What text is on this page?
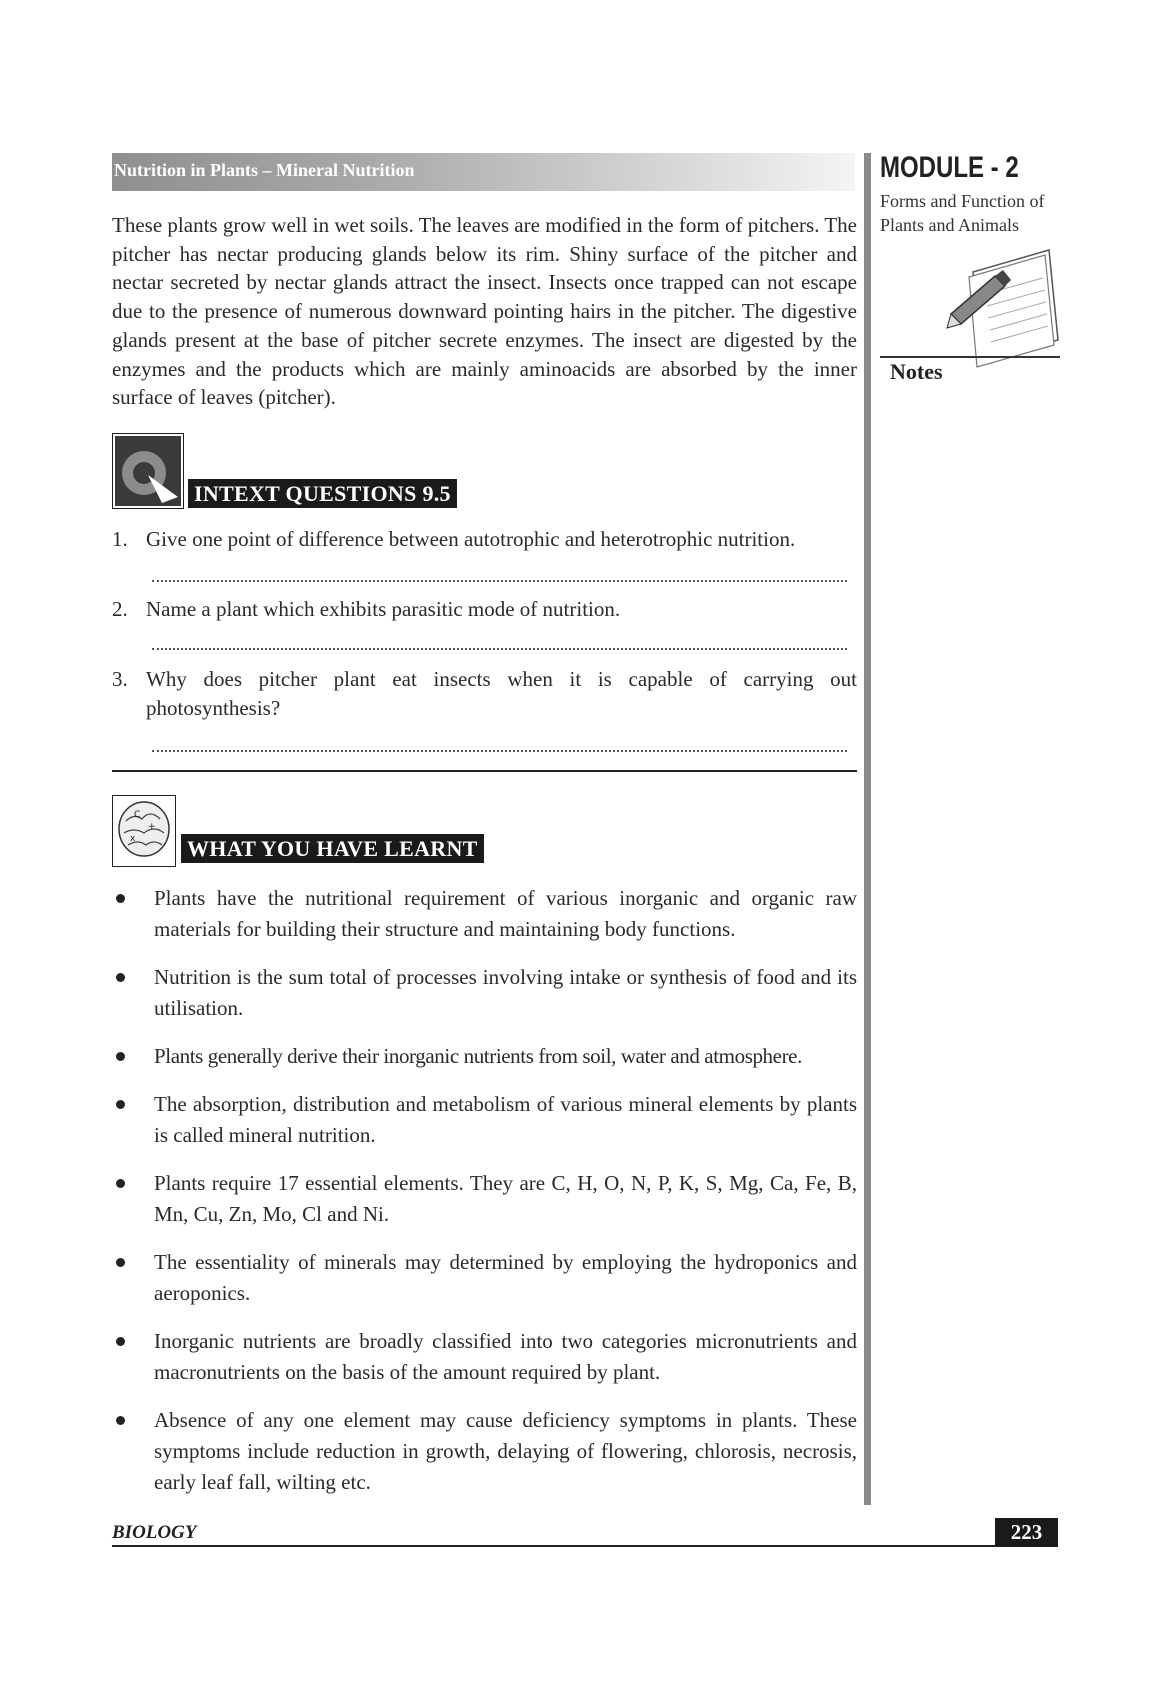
Nutrition in Plants – Mineral Nutrition	MODULE - 2
Forms and Function of
Plants and Animals
Notes

These plants grow well in wet soils. The leaves are modified in the form of pitchers. The pitcher has nectar producing glands below its rim. Shiny surface of the pitcher and nectar secreted by nectar glands attract the insect. Insects once trapped can not escape due to the presence of numerous downward pointing hairs in the pitcher. The digestive glands present at the base of pitcher secrete enzymes. The insect are digested by the enzymes and the products which are mainly aminoacids are absorbed by the inner surface of leaves (pitcher).

INTEXT QUESTIONS 9.5
1. Give one point of difference between autotrophic and heterotrophic nutrition.
2. Name a plant which exhibits parasitic mode of nutrition.
3. Why does pitcher plant eat insects when it is capable of carrying out photosynthesis?
C
+
x WHAT YOU HAVE LEARNT
Plants have the nutritional requirement of various inorganic and organic raw materials for building their structure and maintaining body functions.
Nutrition is the sum total of processes involving intake or synthesis of food and its utilisation.
Plants generally derive their inorganic nutrients from soil, water and atmosphere.
The absorption, distribution and metabolism of various mineral elements by plants is called mineral nutrition.
Plants require 17 essential elements. They are C, H, O, N, P, K, S, Mg, Ca, Fe, B, Mn, Cu, Zn, Mo, Cl and Ni.
The essentiality of minerals may determined by employing the hydroponics and aeroponics.
Inorganic nutrients are broadly classified into two categories micronutrients and macronutrients on the basis of the amount required by plant.
Absence of any one element may cause deficiency symptoms in plants. These symptoms include reduction in growth, delaying of flowering, chlorosis, necrosis, early leaf fall, wilting etc.
BIOLOGY	223
